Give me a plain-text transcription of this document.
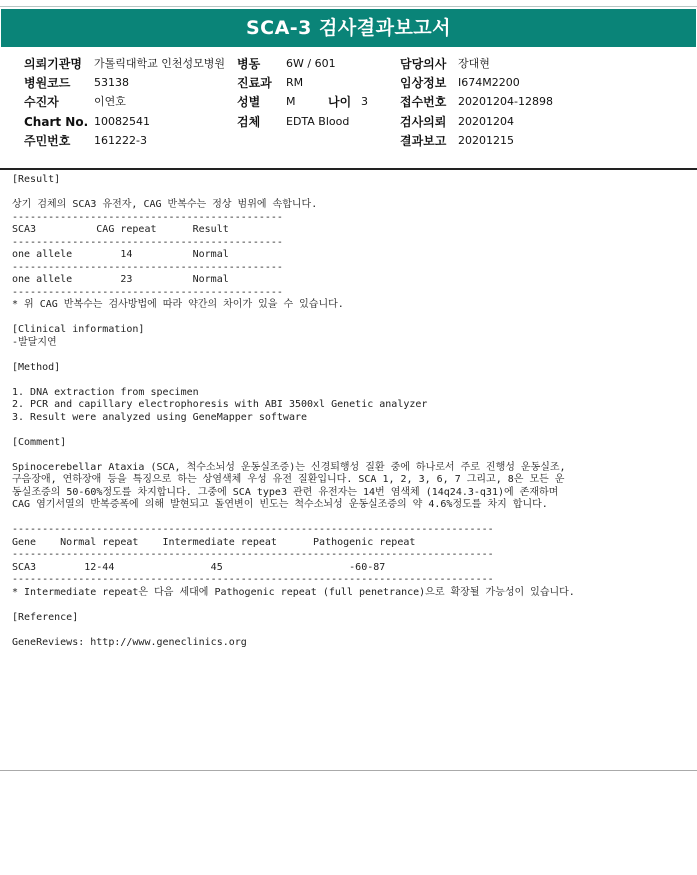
SCA-3 검사결과보고서
의뢰기관명 가톨릭대학교 인천성모병원 병동 6W / 601	담당의사 장대현
병원코드 53138	진료과 RM	임상정보 I674M2200
수진자	이연호	성별 M	나이 3	접수번호 20201204-12898
Chart No. 10082541	검체 EDTA Blood	검사의뢰 20201204
주민번호 161222-3	결과보고 20201215
[Result]
상기 검체의 SCA3 유전자, CAG 반복수는 정상 범위에 속합니다.
---------------------------------------------
SCA3          CAG repeat      Result
---------------------------------------------
one allele        14          Normal
---------------------------------------------
one allele        23          Normal
---------------------------------------------
* 위 CAG 반복수는 검사방법에 따라 약간의 차이가 있을 수 있습니다.
[Clinical information]
-발달지연
[Method]
1. DNA extraction from specimen
2. PCR and capillary electrophoresis with ABI 3500xl Genetic analyzer
3. Result were analyzed using GeneMapper software
[Comment]
Spinocerebellar Ataxia (SCA, 척수소뇌성 운동실조증)는 신경퇴행성 질환 중에 하나로서 주로 진행성 운동실조,
구음장애, 연하장애 등을 특징으로 하는 상염색체 우성 유전 질환입니다. SCA 1, 2, 3, 6, 7 그리고, 8은 모든 운
동실조증의 50-60%정도를 차지합니다. 그중에 SCA type3 관련 유전자는 14번 염색체 (14q24.3-q31)에 존재하며
CAG 염기서열의 반복증폭에 의해 발현되고 돌연변이 빈도는 척수소뇌성 운동실조증의 약 4.6%정도를 차지 합니다.
--------------------------------------------------------------------------------
Gene    Normal repeat    Intermediate repeat      Pathogenic repeat
--------------------------------------------------------------------------------
SCA3        12-44                45                     -60-87
--------------------------------------------------------------------------------
* Intermediate repeat은 다음 세대에 Pathogenic repeat (full penetrance)으로 확장될 가능성이 있습니다.
[Reference]
GeneReviews: http://www.geneclinics.org
